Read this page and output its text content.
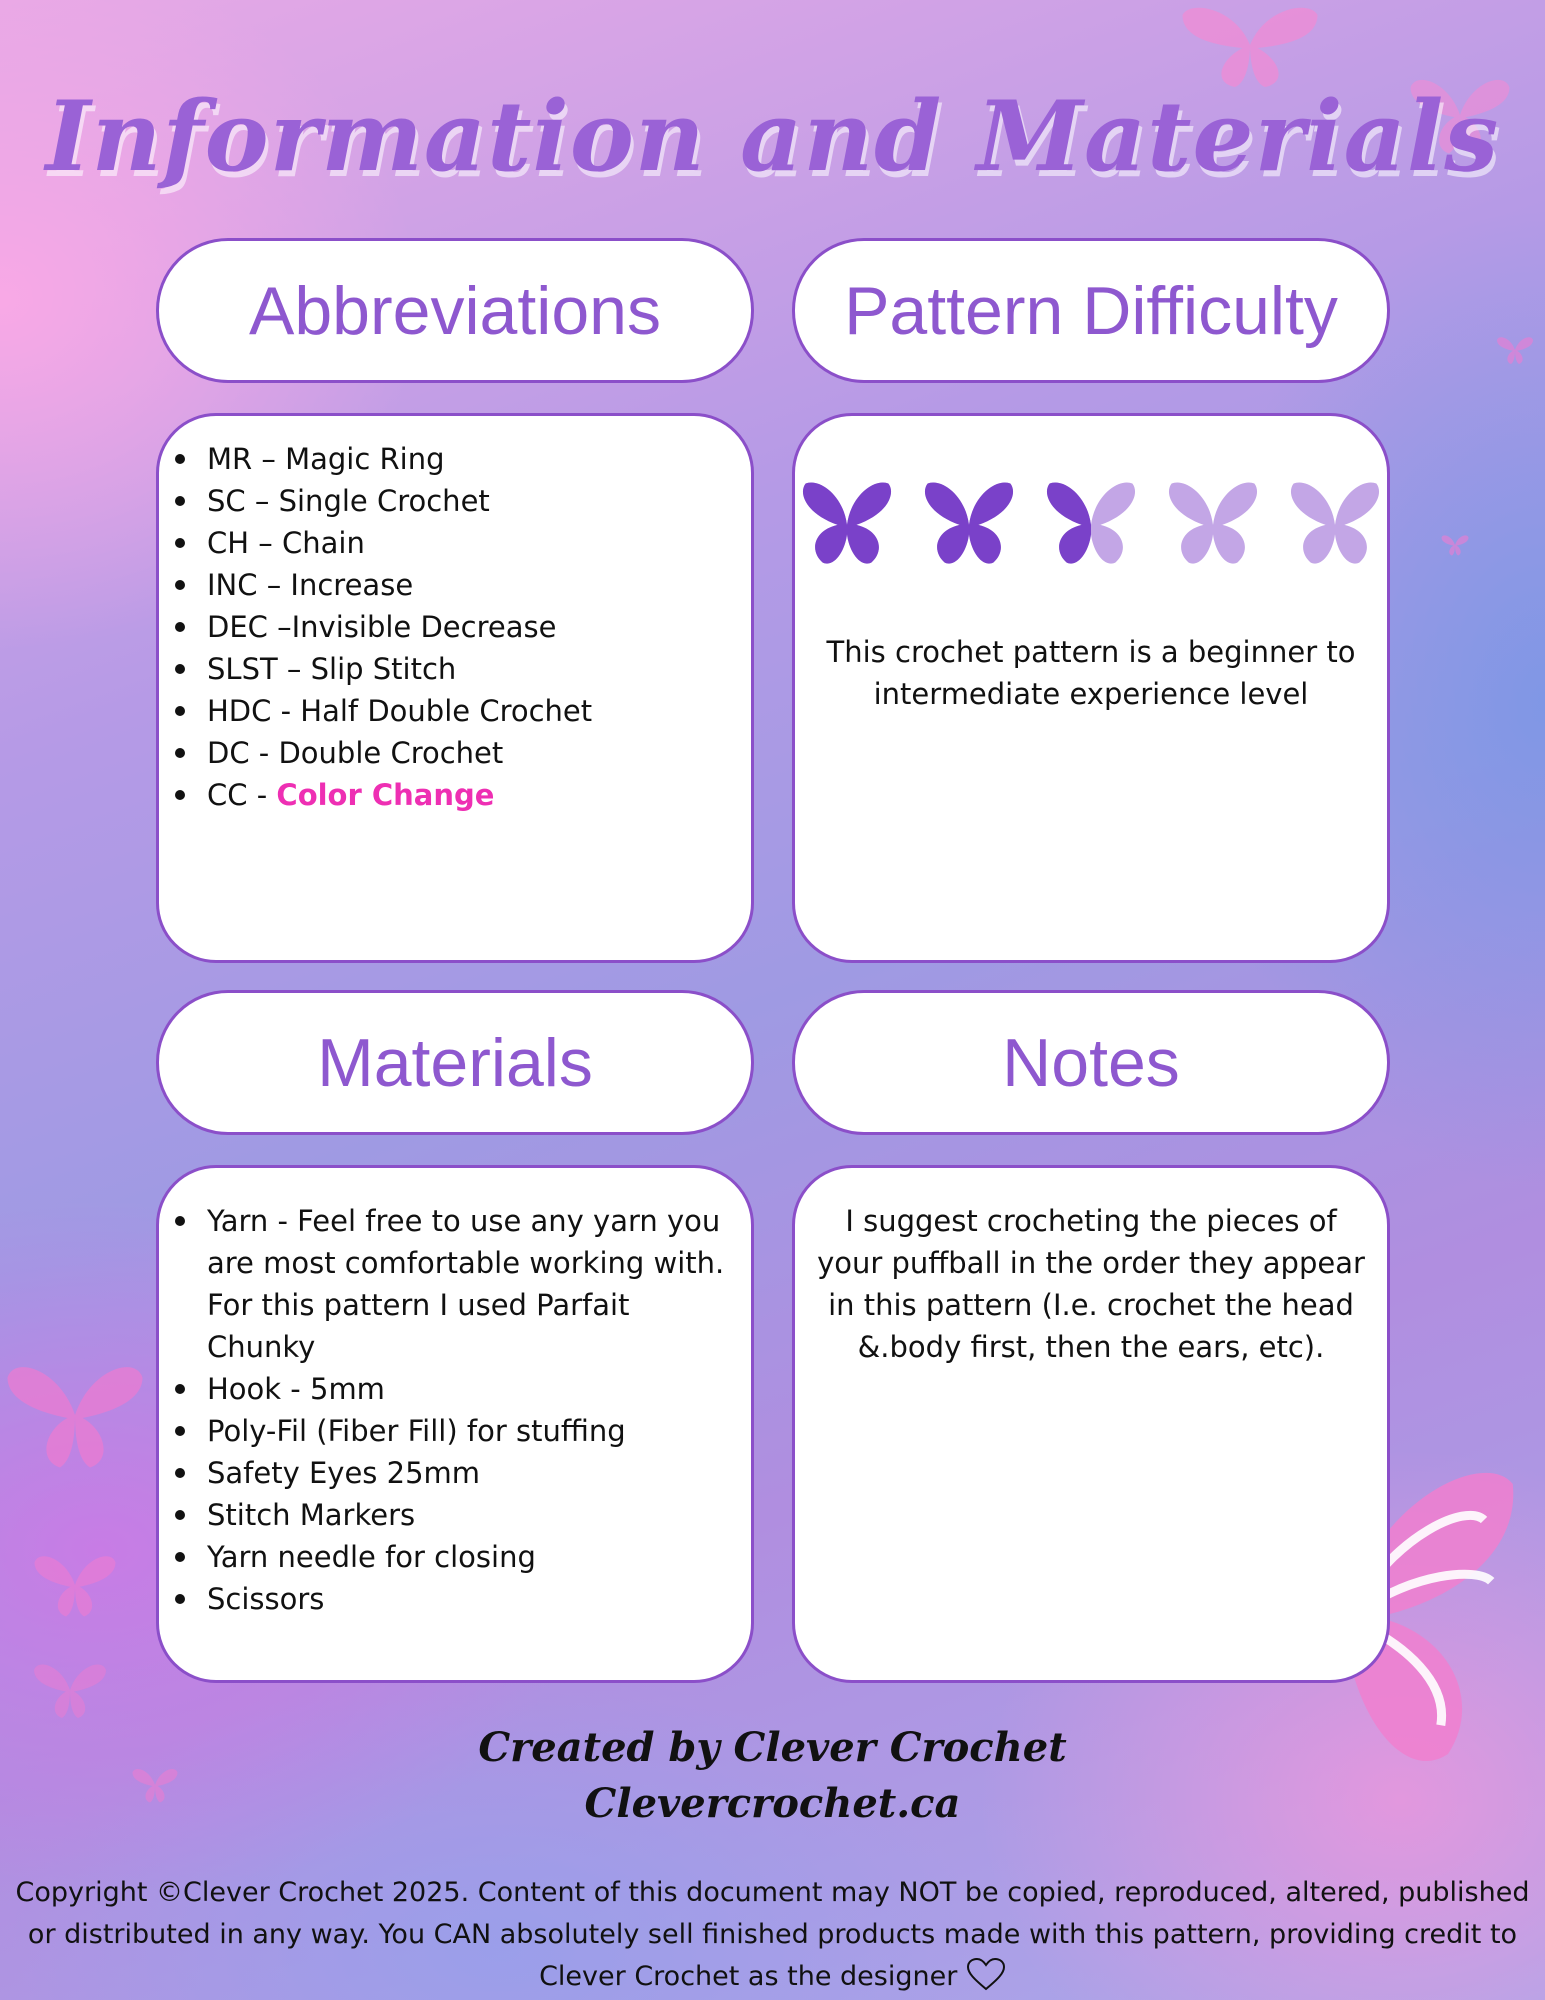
Information and Materials
Abbreviations
MR – Magic Ring
SC – Single Crochet
CH – Chain
INC – Increase
DEC –Invisible Decrease
SLST – Slip Stitch
HDC - Half Double Crochet
DC - Double Crochet
CC - Color Change
Pattern Difficulty
This crochet pattern is a beginner to intermediate experience level
Materials
Yarn - Feel free to use any yarn you are most comfortable working with. For this pattern I used Parfait Chunky
Hook - 5mm
Poly-Fil (Fiber Fill) for stuffing
Safety Eyes 25mm
Stitch Markers
Yarn needle for closing
Scissors
Notes
I suggest crocheting the pieces of your puffball in the order they appear in this pattern (I.e. crochet the head &.body first, then the ears, etc).
Created by Clever Crochet
Clevercrochet.ca
Copyright ©Clever Crochet 2025. Content of this document may NOT be copied, reproduced, altered, published or distributed in any way. You CAN absolutely sell finished products made with this pattern, providing credit to Clever Crochet as the designer
